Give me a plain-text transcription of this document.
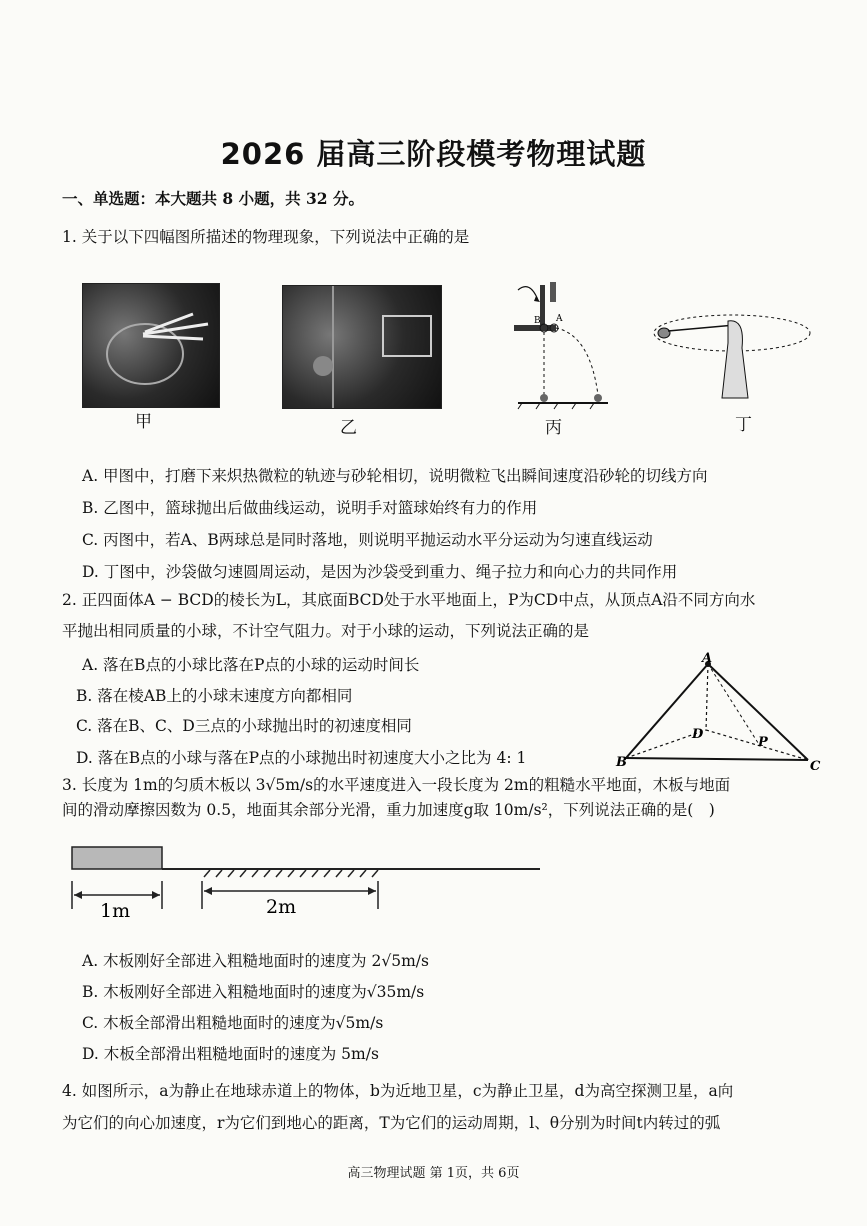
2026 届高三阶段模考物理试题
一、单选题：本大题共 8 小题，共 32 分。
1. 关于以下四幅图所描述的物理现象，下列说法中正确的是
甲	乙
B A
丙	丁
A. 甲图中，打磨下来炽热微粒的轨迹与砂轮相切，说明微粒飞出瞬间速度沿砂轮的切线方向
B. 乙图中，篮球抛出后做曲线运动，说明手对篮球始终有力的作用
C. 丙图中，若A、B两球总是同时落地，则说明平抛运动水平分运动为匀速直线运动
D. 丁图中，沙袋做匀速圆周运动，是因为沙袋受到重力、绳子拉力和向心力的共同作用
2. 正四面体A − BCD的棱长为L，其底面BCD处于水平地面上，P为CD中点，从顶点A沿不同方向水
平抛出相同质量的小球，不计空气阻力。对于小球的运动，下列说法正确的是
A. 落在B点的小球比落在P点的小球的运动时间长
B. 落在棱AB上的小球末速度方向都相同
C. 落在B、C、D三点的小球抛出时的初速度相同
D. 落在B点的小球与落在P点的小球抛出时初速度大小之比为 4: 1
A
B	C
D
P
3. 长度为 1m的匀质木板以 3√5m/s的水平速度进入一段长度为 2m的粗糙水平地面，木板与地面
间的滑动摩擦因数为 0.5，地面其余部分光滑，重力加速度g取 10m/s²，下列说法正确的是(　)
1m	2m
A. 木板刚好全部进入粗糙地面时的速度为 2√5m/s
B. 木板刚好全部进入粗糙地面时的速度为√35m/s
C. 木板全部滑出粗糙地面时的速度为√5m/s
D. 木板全部滑出粗糙地面时的速度为 5m/s
4. 如图所示，a为静止在地球赤道上的物体，b为近地卫星，c为静止卫星，d为高空探测卫星，a向
为它们的向心加速度，r为它们到地心的距离，T为它们的运动周期，l、θ分别为时间t内转过的弧
高三物理试题 第 1页，共 6页
